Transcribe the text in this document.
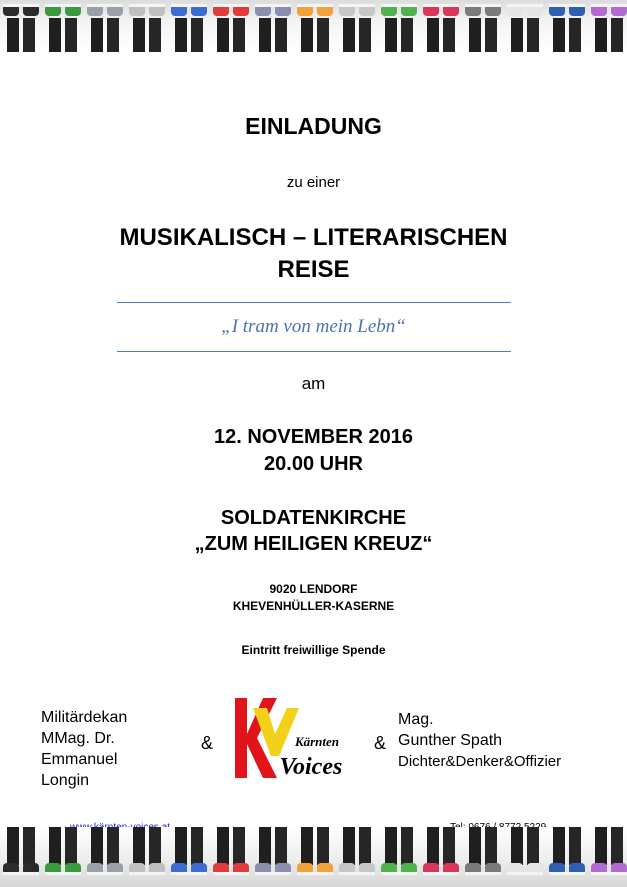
EINLADUNG

zu einer

MUSIKALISCH – LITERARISCHEN

REISE

„I tram von mein Lebn“

am

12. NOVEMBER 2016

20.00 UHR

SOLDATENKIRCHE

„ZUM HEILIGEN KREUZ“

9020 LENDORF

KHEVENHÜLLER-KASERNE

Eintritt freiwillige Spende

Militärdekan
MMag. Dr.
Emmanuel
Longin
&	Kärnten
Voices
&
Mag.
Gunther Spath
Dichter&Denker&Offizier
